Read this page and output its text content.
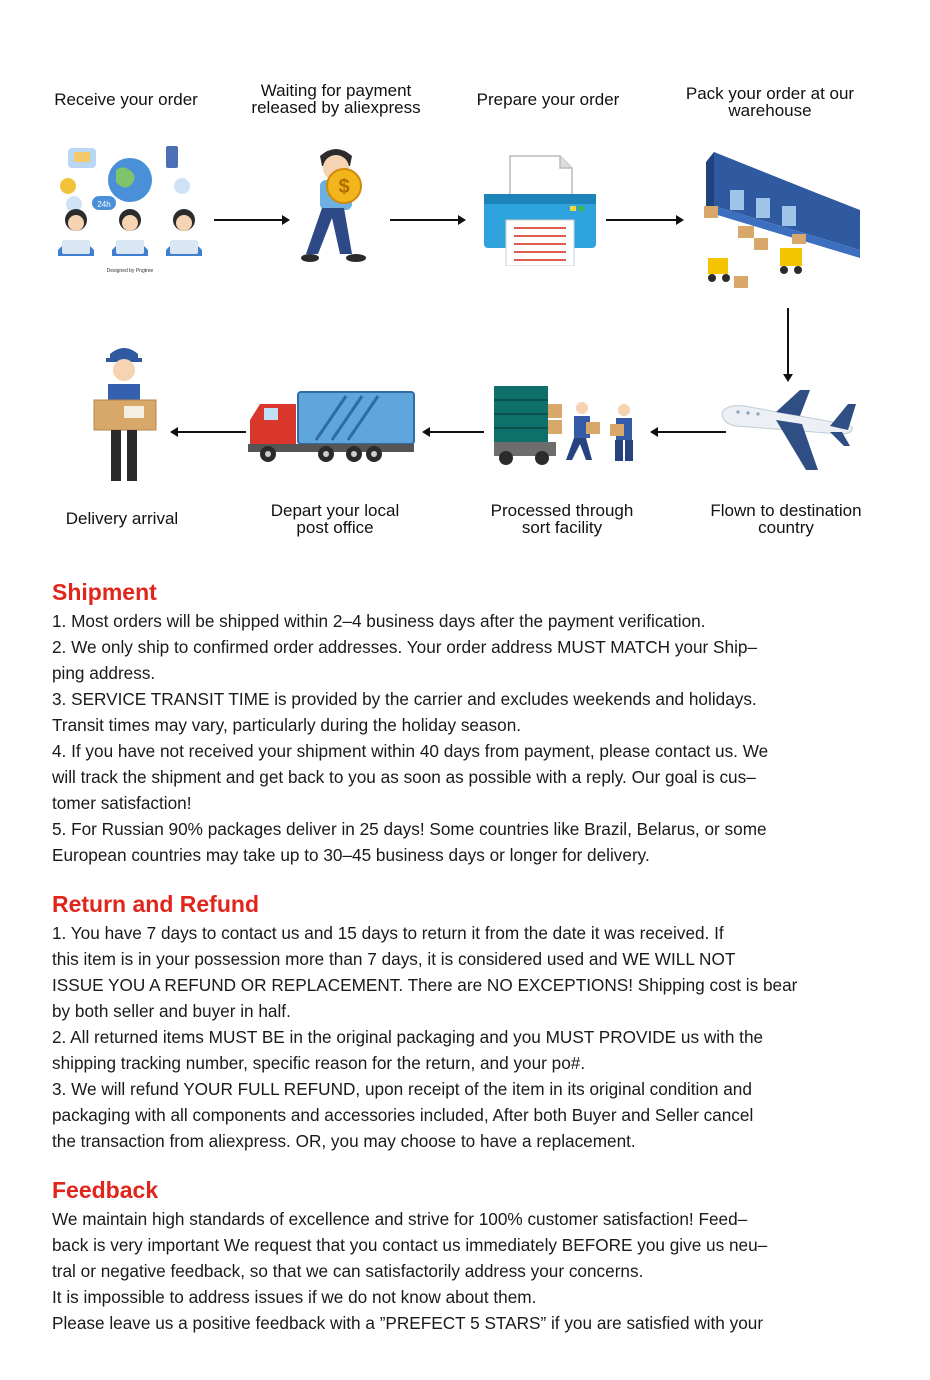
Receive your order	Waiting for payment
released by aliexpress	Prepare your order	Pack your order at our
warehouse
Flown to destination
country
Processed through
sort facility
Depart your local
post office
Delivery arrival
24h
Designed by Pngtree
$
Shipment

1. Most orders will be shipped within 2–4 business days after the payment verification.
2. We only ship to confirmed order addresses. Your order address MUST MATCH your Ship–
ping address.
3. SERVICE TRANSIT TIME is provided by the carrier and excludes weekends and holidays.
Transit times may vary, particularly during the holiday season.
4. If you have not received your shipment within 40 days from payment, please contact us. We
will track the shipment and get back to you as soon as possible with a reply. Our goal is cus–
tomer satisfaction!
5. For Russian 90% packages deliver in 25 days! Some countries like Brazil, Belarus, or some
European countries may take up to 30–45 business days or longer for delivery.

Return and Refund

1. You have 7 days to contact us and 15 days to return it from the date it was received. If
this item is in your possession more than 7 days, it is considered used and WE WILL NOT
ISSUE YOU A REFUND OR REPLACEMENT. There are NO EXCEPTIONS! Shipping cost is bear
by both seller and buyer in half.
2. All returned items MUST BE in the original packaging and you MUST PROVIDE us with the
shipping tracking number, specific reason for the return, and your po#.
3. We will refund YOUR FULL REFUND, upon receipt of the item in its original condition and
packaging with all components and accessories included, After both Buyer and Seller cancel
the transaction from aliexpress. OR, you may choose to have a replacement.

Feedback

We maintain high standards of excellence and strive for 100% customer satisfaction! Feed–
back is very important We request that you contact us immediately BEFORE you give us neu–
tral or negative feedback, so that we can satisfactorily address your concerns.
It is impossible to address issues if we do not know about them.
Please leave us a positive feedback with a ”PREFECT 5 STARS” if you are satisfied with your
